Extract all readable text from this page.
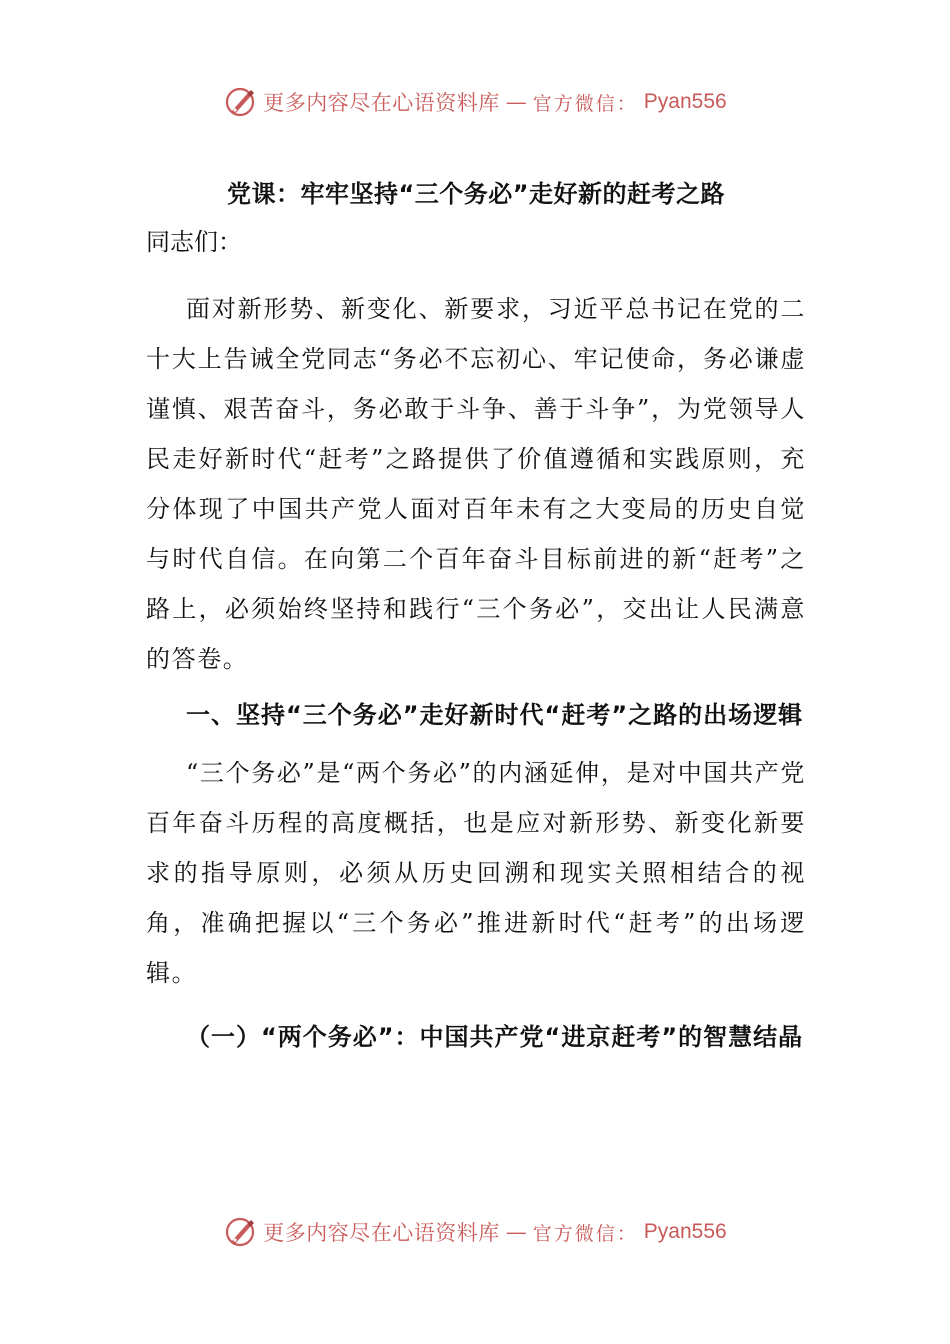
更多内容尽在心语资料库 — 官方微信： Pyan556
党课：牢牢坚持“三个务必”走好新的赶考之路

同志们：

面对新形势、新变化、新要求，习近平总书记在党的二十大上告诫全党同志“务必不忘初心、牢记使命，务必谦虚谨慎、艰苦奋斗，务必敢于斗争、善于斗争”，为党领导人民走好新时代“赶考”之路提供了价值遵循和实践原则，充分体现了中国共产党人面对百年未有之大变局的历史自觉与时代自信。在向第二个百年奋斗目标前进的新“赶考”之路上，必须始终坚持和践行“三个务必”，交出让人民满意的答卷。

一、坚持“三个务必”走好新时代“赶考”之路的出场逻辑

“三个务必”是“两个务必”的内涵延伸，是对中国共产党百年奋斗历程的高度概括，也是应对新形势、新变化新要求的指导原则，必须从历史回溯和现实关照相结合的视角，准确把握以“三个务必”推进新时代“赶考”的出场逻辑。

（一）“两个务必”：中国共产党“进京赶考”的智慧结晶
更多内容尽在心语资料库 — 官方微信： Pyan556
